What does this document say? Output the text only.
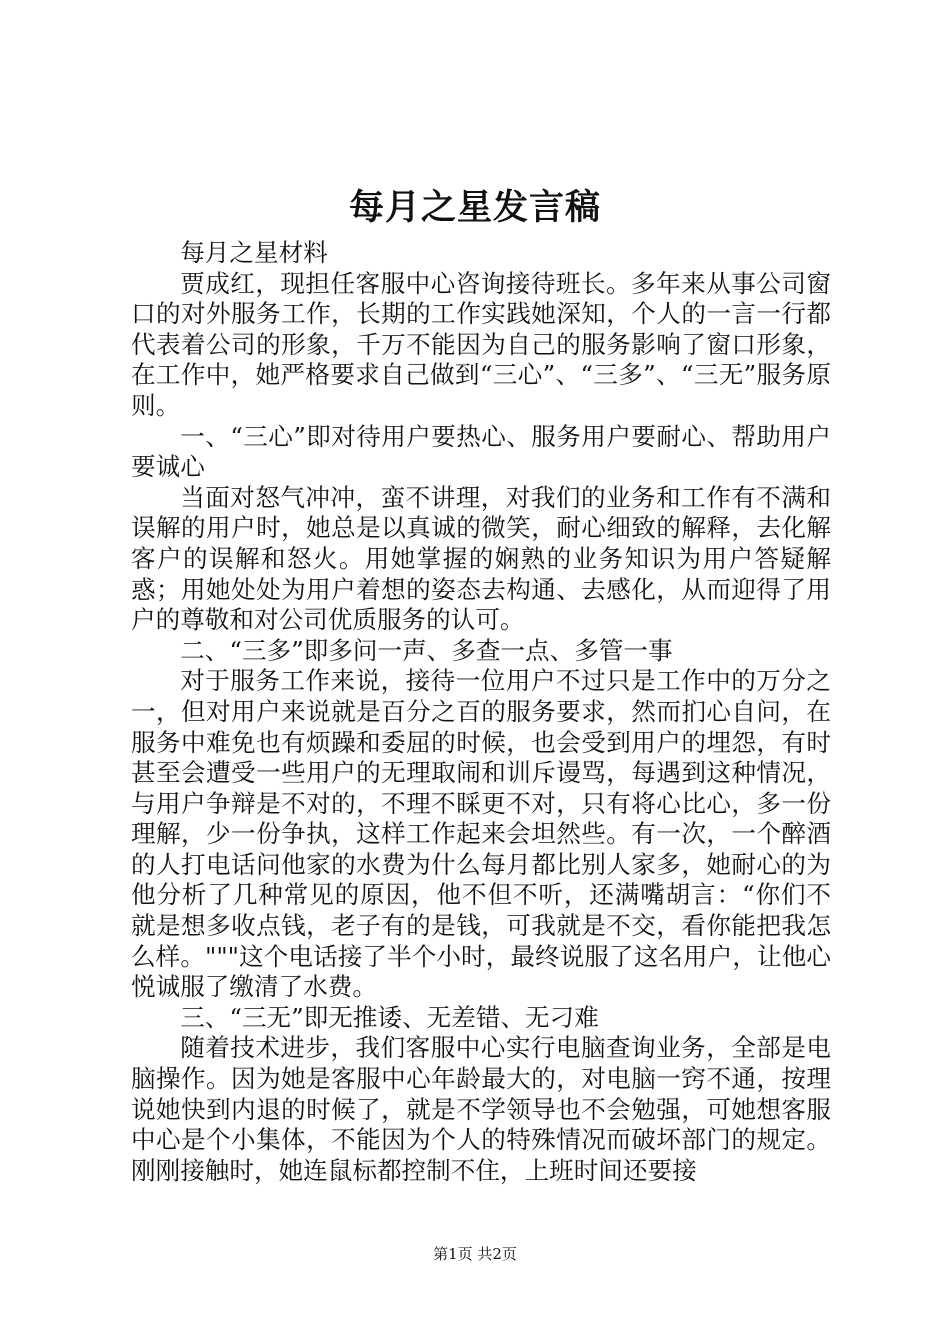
每月之星发言稿

每月之星材料

贾成红，现担任客服中心咨询接待班长。多年来从事公司窗口的对外服务工作，长期的工作实践她深知，个人的一言一行都代表着公司的形象，千万不能因为自己的服务影响了窗口形象，在工作中，她严格要求自己做到“三心”、“三多”、“三无”服务原则。

一、“三心”即对待用户要热心、服务用户要耐心、帮助用户要诚心

当面对怒气冲冲，蛮不讲理，对我们的业务和工作有不满和误解的用户时，她总是以真诚的微笑，耐心细致的解释，去化解客户的误解和怒火。用她掌握的娴熟的业务知识为用户答疑解惑；用她处处为用户着想的姿态去构通、去感化，从而迎得了用户的尊敬和对公司优质服务的认可。

二、“三多”即多问一声、多查一点、多管一事

对于服务工作来说，接待一位用户不过只是工作中的万分之一，但对用户来说就是百分之百的服务要求，然而扪心自问，在服务中难免也有烦躁和委屈的时候，也会受到用户的埋怨，有时甚至会遭受一些用户的无理取闹和训斥谩骂，每遇到这种情况，与用户争辩是不对的，不理不睬更不对，只有将心比心，多一份理解，少一份争执，这样工作起来会坦然些。有一次，一个醉酒的人打电话问他家的水费为什么每月都比别人家多，她耐心的为他分析了几种常见的原因，他不但不听，还满嘴胡言：“你们不就是想多收点钱，老子有的是钱，可我就是不交，看你能把我怎么样。"""这个电话接了半个小时，最终说服了这名用户，让他心悦诚服了缴清了水费。

三、“三无”即无推诿、无差错、无刁难

随着技术进步，我们客服中心实行电脑查询业务，全部是电脑操作。因为她是客服中心年龄最大的，对电脑一窍不通，按理说她快到内退的时候了，就是不学领导也不会勉强，可她想客服中心是个小集体，不能因为个人的特殊情况而破坏部门的规定。刚刚接触时，她连鼠标都控制不住，上班时间还要接

第1页 共2页
